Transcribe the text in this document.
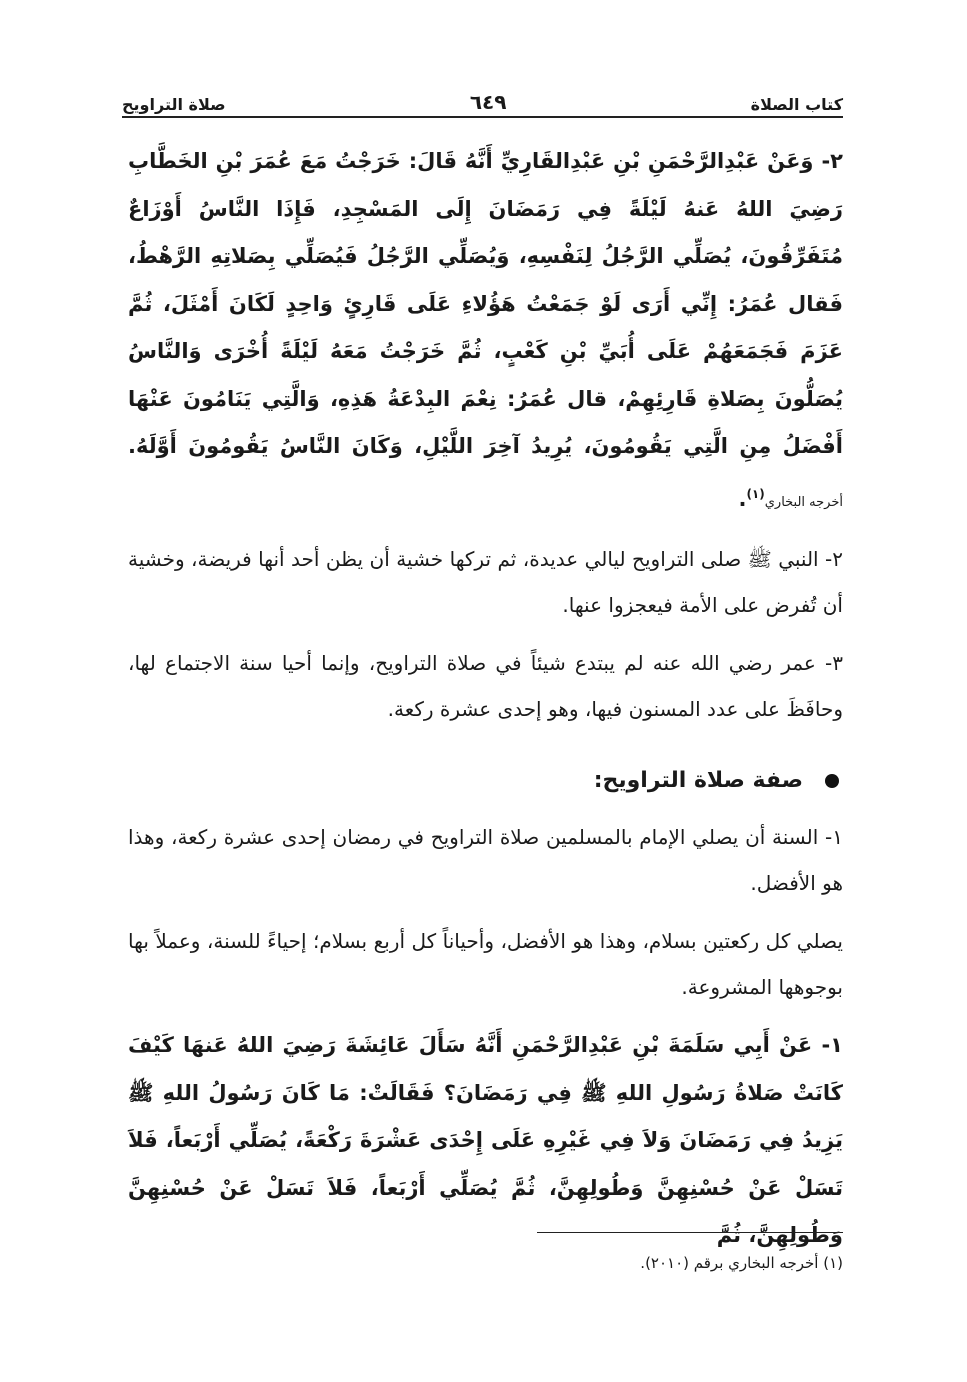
كتاب الصلاة
٦٤٩
صلاة التراويح

٢- وَعَنْ عَبْدِالرَّحْمَنِ بْنِ عَبْدِالقَارِيِّ أَنَّهُ قَالَ: خَرَجْتُ مَعَ عُمَرَ بْنِ الخَطَّابِ رَضِيَ اللهُ عَنهُ لَيْلَةً فِي رَمَضَانَ إِلَى المَسْجِدِ، فَإِذَا النَّاسُ أَوْزَاعٌ مُتَفَرِّقُونَ، يُصَلِّي الرَّجُلُ لِنَفْسِهِ، وَيُصَلِّي الرَّجُلُ فَيُصَلِّي بِصَلاتِهِ الرَّهْطُ، فَقال عُمَرُ: إِنِّي أَرَى لَوْ جَمَعْتُ هَؤُلاءِ عَلَى قَارِئٍ وَاحِدٍ لَكَانَ أَمْثَلَ، ثُمَّ عَزَمَ فَجَمَعَهُمْ عَلَى أُبَيِّ بْنِ كَعْبٍ، ثُمَّ خَرَجْتُ مَعَهُ لَيْلَةً أُخْرَى وَالنَّاسُ يُصَلُّونَ بِصَلاةِ قَارِئِهِمْ، قال عُمَرُ: نِعْمَ البِدْعَةُ هَذِهِ، وَالَّتِي يَنَامُونَ عَنْهَا أَفْضَلُ مِنِ الَّتِي يَقُومُونَ، يُرِيدُ آخِرَ اللَّيْلِ، وَكَانَ النَّاسُ يَقُومُونَ أَوَّلَهُ. أخرجه البخاري$^{(١)}$.

٢- النبي ﷺ صلى التراويح ليالي عديدة، ثم تركها خشية أن يظن أحد أنها فريضة، وخشية أن تُفرض على الأمة فيعجزوا عنها.

٣- عمر رضي الله عنه لم يبتدع شيئاً في صلاة التراويح، وإنما أحيا سنة الاجتماع لها، وحافَظَ على عدد المسنون فيها، وهو إحدى عشرة ركعة.

صفة صلاة التراويح:

١- السنة أن يصلي الإمام بالمسلمين صلاة التراويح في رمضان إحدى عشرة ركعة، وهذا هو الأفضل.

يصلي كل ركعتين بسلام، وهذا هو الأفضل، وأحياناً كل أربع بسلام؛ إحياءً للسنة، وعملاً بها بوجوهها المشروعة.

١- عَنْ أَبِي سَلَمَةَ بْنِ عَبْدِالرَّحْمَنِ أَنَّهُ سَأَلَ عَائِشَةَ رَضِيَ اللهُ عَنهَا كَيْفَ كَانَتْ صَلاةُ رَسُولِ اللهِ ﷺ فِي رَمَضَانَ؟ فَقَالَتْ: مَا كَانَ رَسُولُ اللهِ ﷺ يَزِيدُ فِي رَمَضَانَ وَلاَ فِي غَيْرِهِ عَلَى إِحْدَى عَشْرَةَ رَكْعَةً، يُصَلِّي أَرْبَعاً، فَلاَ تَسَلْ عَنْ حُسْنِهِنَّ وَطُولِهِنَّ، ثُمَّ يُصَلِّي أَرْبَعاً، فَلاَ تَسَلْ عَنْ حُسْنِهِنَّ وَطُولِهِنَّ، ثُمَّ

(١) أخرجه البخاري برقم (٢٠١٠).
